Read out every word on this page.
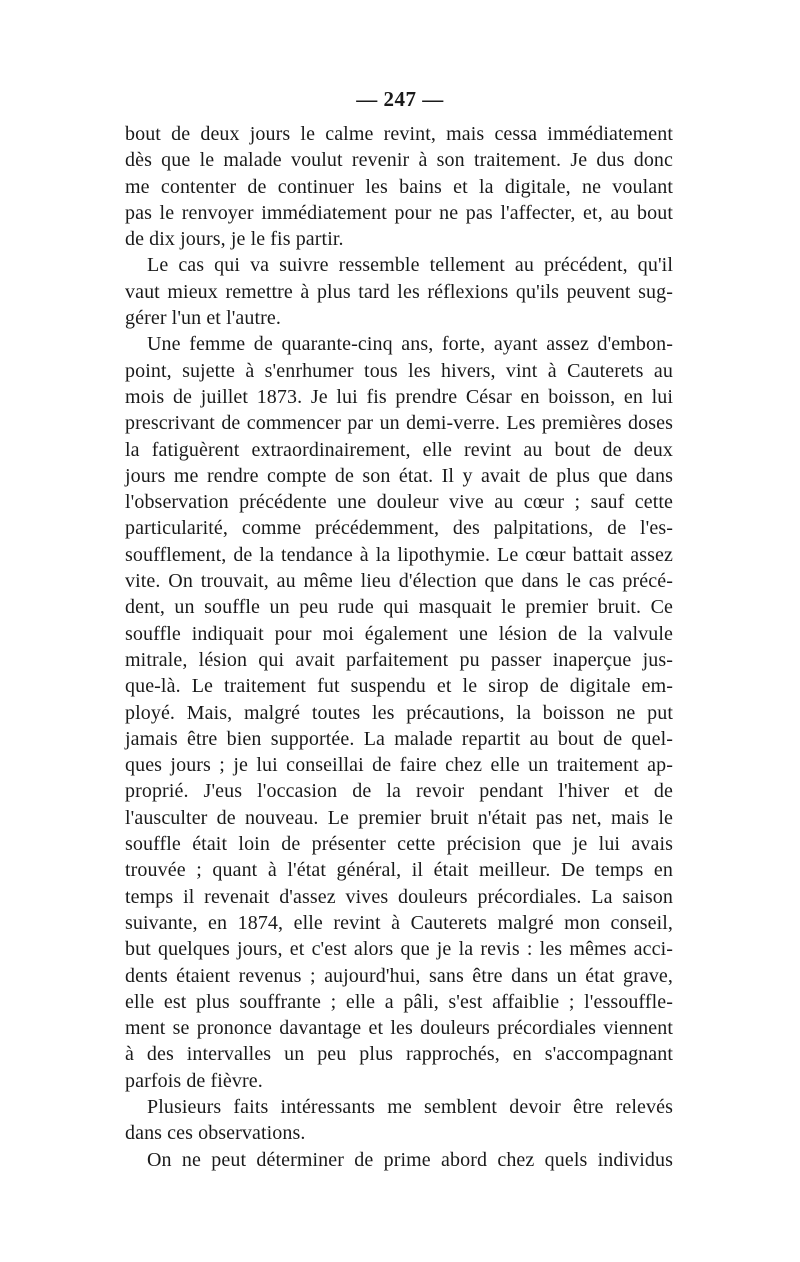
— 247 —
bout de deux jours le calme revint, mais cessa immédiatement
dès que le malade voulut revenir à son traitement. Je dus donc
me contenter de continuer les bains et la digitale, ne voulant
pas le renvoyer immédiatement pour ne pas l'affecter, et, au bout
de dix jours, je le fis partir.
Le cas qui va suivre ressemble tellement au précédent, qu'il
vaut mieux remettre à plus tard les réflexions qu'ils peuvent sug-
gérer l'un et l'autre.
Une femme de quarante-cinq ans, forte, ayant assez d'embon-
point, sujette à s'enrhumer tous les hivers, vint à Cauterets au
mois de juillet 1873. Je lui fis prendre César en boisson, en lui
prescrivant de commencer par un demi-verre. Les premières doses
la fatiguèrent extraordinairement, elle revint au bout de deux
jours me rendre compte de son état. Il y avait de plus que dans
l'observation précédente une douleur vive au cœur ; sauf cette
particularité, comme précédemment, des palpitations, de l'es-
soufflement, de la tendance à la lipothymie. Le cœur battait assez
vite. On trouvait, au même lieu d'élection que dans le cas précé-
dent, un souffle un peu rude qui masquait le premier bruit. Ce
souffle indiquait pour moi également une lésion de la valvule
mitrale, lésion qui avait parfaitement pu passer inaperçue jus-
que-là. Le traitement fut suspendu et le sirop de digitale em-
ployé. Mais, malgré toutes les précautions, la boisson ne put
jamais être bien supportée. La malade repartit au bout de quel-
ques jours ; je lui conseillai de faire chez elle un traitement ap-
proprié. J'eus l'occasion de la revoir pendant l'hiver et de
l'ausculter de nouveau. Le premier bruit n'était pas net, mais le
souffle était loin de présenter cette précision que je lui avais
trouvée ; quant à l'état général, il était meilleur. De temps en
temps il revenait d'assez vives douleurs précordiales. La saison
suivante, en 1874, elle revint à Cauterets malgré mon conseil,
but quelques jours, et c'est alors que je la revis : les mêmes acci-
dents étaient revenus ; aujourd'hui, sans être dans un état grave,
elle est plus souffrante ; elle a pâli, s'est affaiblie ; l'essouffle-
ment se prononce davantage et les douleurs précordiales viennent
à des intervalles un peu plus rapprochés, en s'accompagnant
parfois de fièvre.
Plusieurs faits intéressants me semblent devoir être relevés
dans ces observations.
On ne peut déterminer de prime abord chez quels individus
